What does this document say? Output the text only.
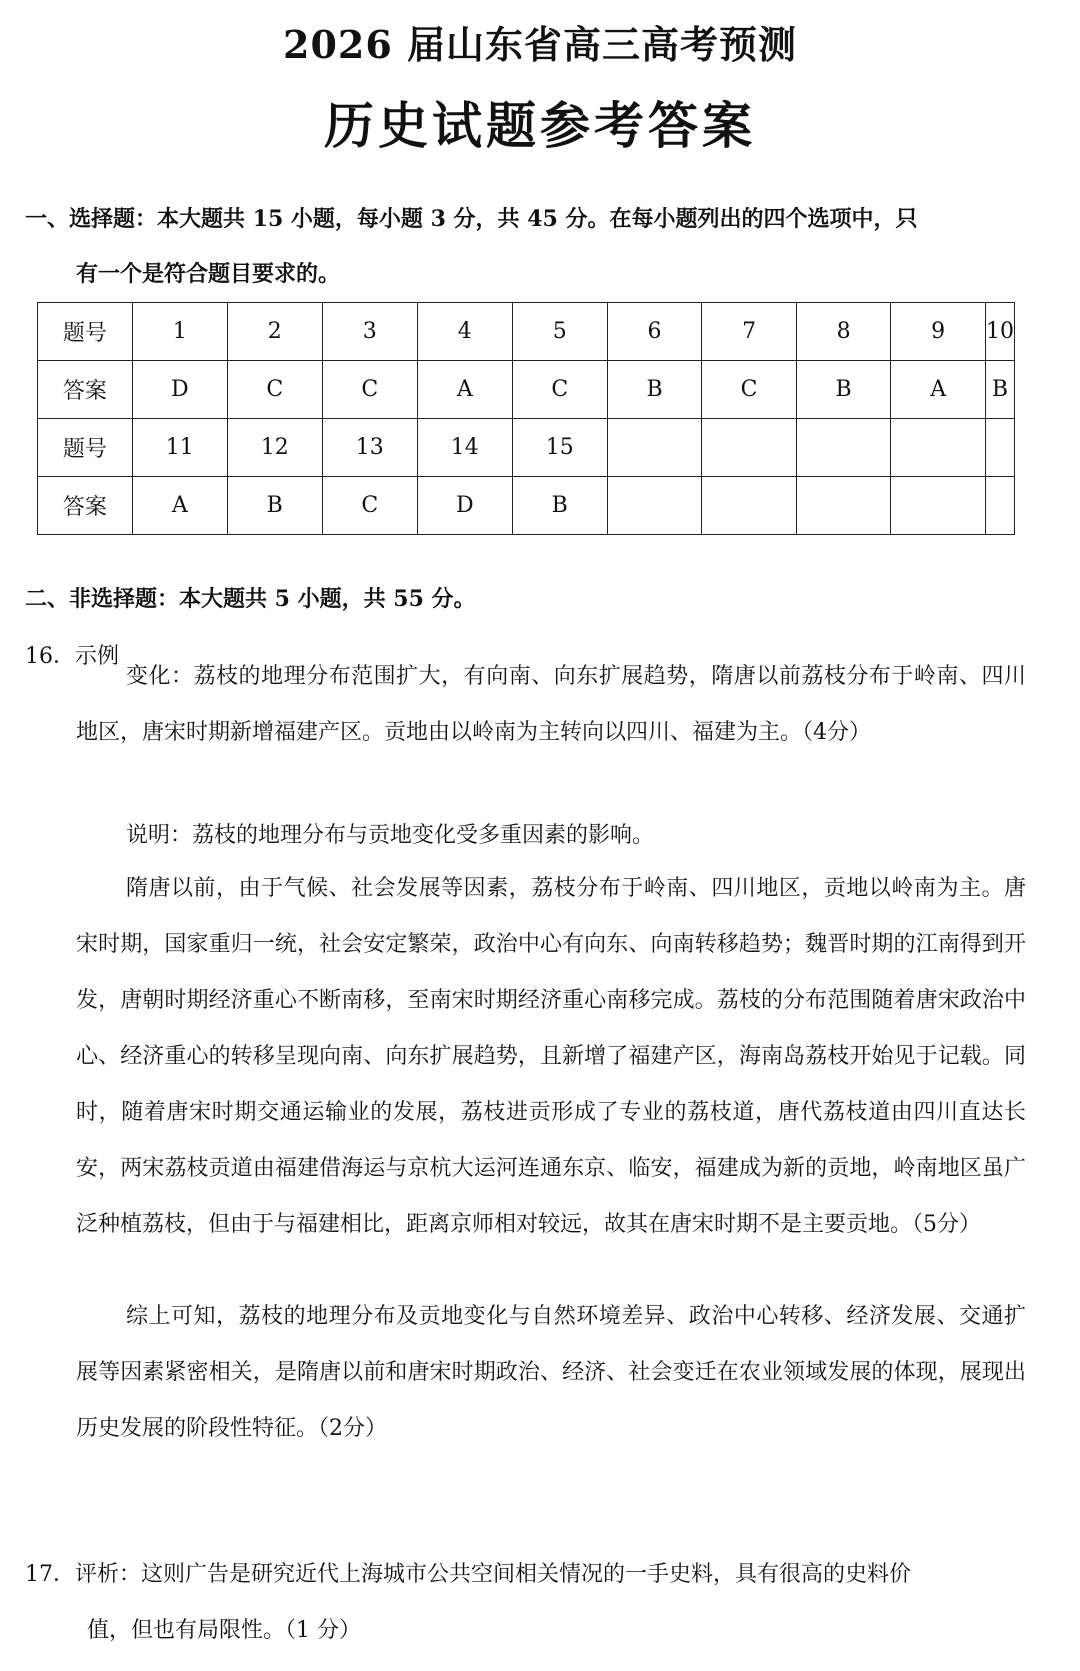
2026 届山东省高三高考预测
历史试题参考答案
一、选择题：本大题共 15 小题，每小题 3 分，共 45 分。在每小题列出的四个选项中，只
有一个是符合题目要求的。
题号	1	2	3	4	5	6	7	8	9	10
答案	D	C	C	A	C	B	C	B	A	B
题号	11	12	13	14	15					
答案	A	B	C	D	B					
二、非选择题：本大题共 5 小题，共 55 分。
16．示例
变化：荔枝的地理分布范围扩大，有向南、向东扩展趋势，隋唐以前荔枝分布于岭南、四川地区，唐宋时期新增福建产区。贡地由以岭南为主转向以四川、福建为主。（4分）
说明：荔枝的地理分布与贡地变化受多重因素的影响。
隋唐以前，由于气候、社会发展等因素，荔枝分布于岭南、四川地区，贡地以岭南为主。唐宋时期，国家重归一统，社会安定繁荣，政治中心有向东、向南转移趋势；魏晋时期的江南得到开发，唐朝时期经济重心不断南移，至南宋时期经济重心南移完成。荔枝的分布范围随着唐宋政治中心、经济重心的转移呈现向南、向东扩展趋势，且新增了福建产区，海南岛荔枝开始见于记载。同时，随着唐宋时期交通运输业的发展，荔枝进贡形成了专业的荔枝道，唐代荔枝道由四川直达长安，两宋荔枝贡道由福建借海运与京杭大运河连通东京、临安，福建成为新的贡地，岭南地区虽广泛种植荔枝，但由于与福建相比，距离京师相对较远，故其在唐宋时期不是主要贡地。（5分）
综上可知，荔枝的地理分布及贡地变化与自然环境差异、政治中心转移、经济发展、交通扩展等因素紧密相关，是隋唐以前和唐宋时期政治、经济、社会变迁在农业领域发展的体现，展现出历史发展的阶段性特征。（2分）
17．评析：这则广告是研究近代上海城市公共空间相关情况的一手史料，具有很高的史料价
值，但也有局限性。（1 分）
